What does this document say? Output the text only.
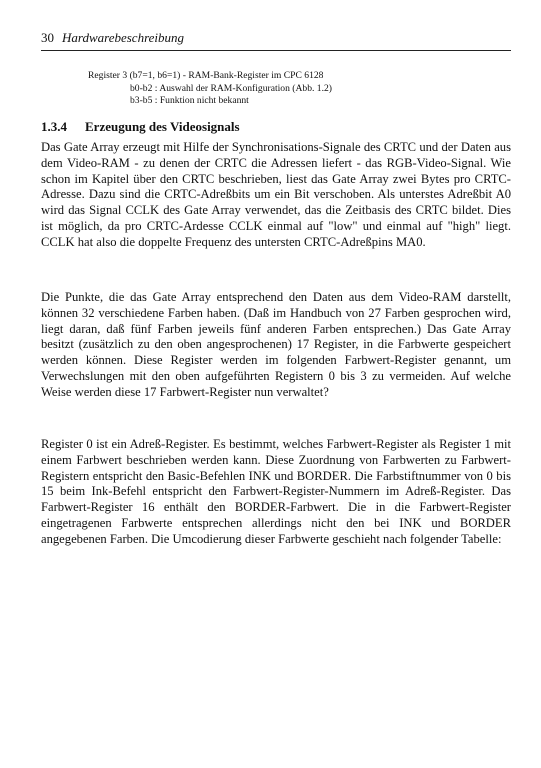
30 Hardwarebeschreibung
Register 3 (b7=1, b6=1) - RAM-Bank-Register im CPC 6128
b0-b2 : Auswahl der RAM-Konfiguration (Abb. 1.2)
b3-b5 : Funktion nicht bekannt
1.3.4 Erzeugung des Videosignals

Das Gate Array erzeugt mit Hilfe der Synchronisations-Signale des CRTC und der Daten aus dem Video-RAM - zu denen der CRTC die Adressen liefert - das RGB-Video-Signal. Wie schon im Kapitel über den CRTC beschrieben, liest das Gate Array zwei Bytes pro CRTC-Adresse. Dazu sind die CRTC-Adreßbits um ein Bit verschoben. Als unterstes Adreßbit A0 wird das Signal CCLK des Gate Array verwendet, das die Zeitbasis des CRTC bildet. Dies ist möglich, da pro CRTC-Ardesse CCLK einmal auf "low" und einmal auf "high" liegt. CCLK hat also die doppelte Frequenz des untersten CRTC-Adreßpins MA0.

Die Punkte, die das Gate Array entsprechend den Daten aus dem Video-RAM darstellt, können 32 verschiedene Farben haben. (Daß im Handbuch von 27 Farben gesprochen wird, liegt daran, daß fünf Farben jeweils fünf anderen Farben entsprechen.) Das Gate Array besitzt (zusätzlich zu den oben angesprochenen) 17 Register, in die Farbwerte gespeichert werden können. Diese Register werden im folgenden Farbwert-Register genannt, um Verwechslungen mit den oben aufgeführten Registern 0 bis 3 zu vermeiden. Auf welche Weise werden diese 17 Farbwert-Register nun verwaltet?

Register 0 ist ein Adreß-Register. Es bestimmt, welches Farbwert-Register als Register 1 mit einem Farbwert beschrieben werden kann. Diese Zuordnung von Farbwerten zu Farbwert-Registern entspricht den Basic-Befehlen INK und BORDER. Die Farbstiftnummer von 0 bis 15 beim Ink-Befehl entspricht den Farbwert-Register-Nummern im Adreß-Register. Das Farbwert-Register 16 enthält den BORDER-Farbwert. Die in die Farbwert-Register eingetragenen Farbwerte entsprechen allerdings nicht den bei INK und BORDER angegebenen Farben. Die Umcodierung dieser Farbwerte geschieht nach folgender Tabelle:
